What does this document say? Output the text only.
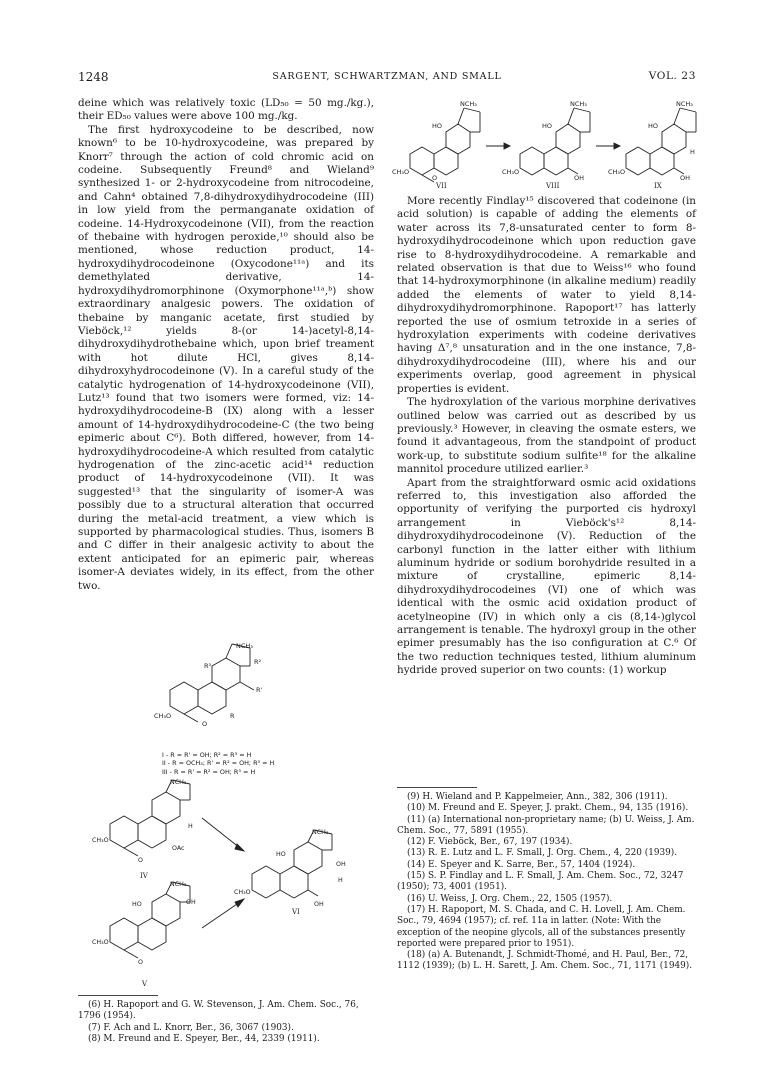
1248	SARGENT, SCHWARTZMAN, AND SMALL	VOL. 23

deine which was relatively toxic (LD₅₀ = 50 mg./kg.), their ED₅₀ values were above 100 mg./kg.

The first hydroxycodeine to be described, now known⁶ to be 10-hydroxycodeine, was prepared by Knorr⁷ through the action of cold chromic acid on codeine. Subsequently Freund⁸ and Wieland⁹ synthesized 1- or 2-hydroxycodeine from nitrocodeine, and Cahn⁴ obtained 7,8-dihydroxydihydrocodeine (III) in low yield from the permanganate oxidation of codeine. 14-Hydroxycodeinone (VII), from the reaction of thebaine with hydrogen peroxide,¹⁰ should also be mentioned, whose reduction product, 14-hydroxydihydrocodeinone (Oxycodone¹¹ᵃ) and its demethylated derivative, 14-hydroxydihydromorphinone (Oxymorphone¹¹ᵃ,ᵇ) show extraordinary analgesic powers. The oxidation of thebaine by manganic acetate, first studied by Vieböck,¹² yields 8-(or 14-)acetyl-8,14-dihydroxydihydrothebaine which, upon brief treament with hot dilute HCl, gives 8,14-dihydroxyhydrocodeinone (V). In a careful study of the catalytic hydrogenation of 14-hydroxycodeinone (VII), Lutz¹³ found that two isomers were formed, viz: 14-hydroxydihydrocodeine-B (IX) along with a lesser amount of 14-hydroxydihydrocodeine-C (the two being epimeric about C⁶). Both differed, however, from 14-hydroxydihydrocodeine-A which resulted from catalytic hydrogenation of the zinc-acetic acid¹⁴ reduction product of 14-hydroxycodeinone (VII). It was suggested¹³ that the singularity of isomer-A was possibly due to a structural alteration that occurred during the metal-acid treatment, a view which is supported by pharmacological studies. Thus, isomers B and C differ in their analgesic activity to about the extent anticipated for an epimeric pair, whereas isomer-A deviates widely, in its effect, from the other two.

NCH₃
HO
CH₃O
O
NCH₃
HO
CH₃O
OH
NCH₃
HO
CH₃O
OH
H
VII	VIII	IX

More recently Findlay¹⁵ discovered that codeinone (in acid solution) is capable of adding the elements of water across its 7,8-unsaturated center to form 8-hydroxydihydrocodeinone which upon reduction gave rise to 8-hydroxydihydrocodeine. A remarkable and related observation is that due to Weiss¹⁶ who found that 14-hydroxymorphinone (in alkaline medium) readily added the elements of water to yield 8,14-dihydroxydihydromorphinone. Rapoport¹⁷ has latterly reported the use of osmium tetroxide in a series of hydroxylation experiments with codeine derivatives having Δ⁷,⁸ unsaturation and in the one instance, 7,8-dihydroxydihydrocodeine (III), where his and our experiments overlap, good agreement in physical properties is evident.

The hydroxylation of the various morphine derivatives outlined below was carried out as described by us previously.³ However, in cleaving the osmate esters, we found it advantageous, from the standpoint of product work-up, to substitute sodium sulfite¹⁸ for the alkaline mannitol procedure utilized earlier.³

Apart from the straightforward osmic acid oxidations referred to, this investigation also afforded the opportunity of verifying the purported cis hydroxyl arrangement in Vieböck's¹² 8,14-dihydroxydihydrocodeinone (V). Reduction of the carbonyl function in the latter either with lithium aluminum hydride or sodium borohydride resulted in a mixture of crystalline, epimeric 8,14-dihydroxydihydrocodeines (VI) one of which was identical with the osmic acid oxidation product of acetylneopine (IV) in which only a cis (8,14-)glycol arrangement is tenable. The hydroxyl group in the other epimer presumably has the iso configuration at C.⁶ Of the two reduction techniques tested, lithium aluminum hydride proved superior on two counts: (1) workup

NCH₃
R²
R³
R'
R
CH₃O
O
I - R = R' = OH; R² = R³ = H
II - R = OCH₃; R' = R² = OH; R³ = H
III - R = R' = R² = OH; R³ = H
NCH₃
CH₃O
O
OAc
H
NCH₃
HO	OH
CH₃O
O
NCH₃
HO
OH
H
CH₃O
OH
IV
V
VI

(6) H. Rapoport and G. W. Stevenson, J. Am. Chem. Soc., 76, 1796 (1954).

(7) F. Ach and L. Knorr, Ber., 36, 3067 (1903).

(8) M. Freund and E. Speyer, Ber., 44, 2339 (1911).

(9) H. Wieland and P. Kappelmeier, Ann., 382, 306 (1911).

(10) M. Freund and E. Speyer, J. prakt. Chem., 94, 135 (1916).

(11) (a) International non-proprietary name; (b) U. Weiss, J. Am. Chem. Soc., 77, 5891 (1955).

(12) F. Vieböck, Ber., 67, 197 (1934).

(13) R. E. Lutz and L. F. Small, J. Org. Chem., 4, 220 (1939).

(14) E. Speyer and K. Sarre, Ber., 57, 1404 (1924).

(15) S. P. Findlay and L. F. Small, J. Am. Chem. Soc., 72, 3247 (1950); 73, 4001 (1951).

(16) U. Weiss, J. Org. Chem., 22, 1505 (1957).

(17) H. Rapoport, M. S. Chada, and C. H. Lovell, J. Am. Chem. Soc., 79, 4694 (1957); cf. ref. 11a in latter. (Note: With the exception of the neopine glycols, all of the substances presently reported were prepared prior to 1951).

(18) (a) A. Butenandt, J. Schmidt-Thomé, and H. Paul, Ber., 72, 1112 (1939); (b) L. H. Sarett, J. Am. Chem. Soc., 71, 1171 (1949).
